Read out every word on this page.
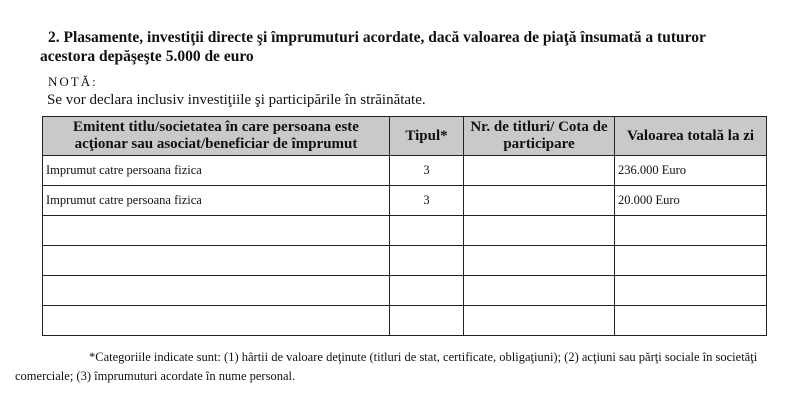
2. Plasamente, investiţii directe şi împrumuturi acordate, dacă valoarea de piaţă însumată a tuturor
acestora depăşeşte 5.000 de euro
NOTĂ:
Se vor declara inclusiv investiţiile şi participările în străinătate.
Emitent titlu/societatea în care persoana este acţionar sau asociat/beneficiar de împrumut	Tipul*	Nr. de titluri/ Cota de participare	Valoarea totală la zi
Imprumut catre persoana fizica	3		236.000 Euro
Imprumut catre persoana fizica	3		20.000 Euro

*Categoriile indicate sunt: (1) hârtii de valoare deţinute (titluri de stat, certificate, obligaţiuni); (2) acţiuni sau părţi sociale în societăţi comerciale; (3) împrumuturi acordate în nume personal.
